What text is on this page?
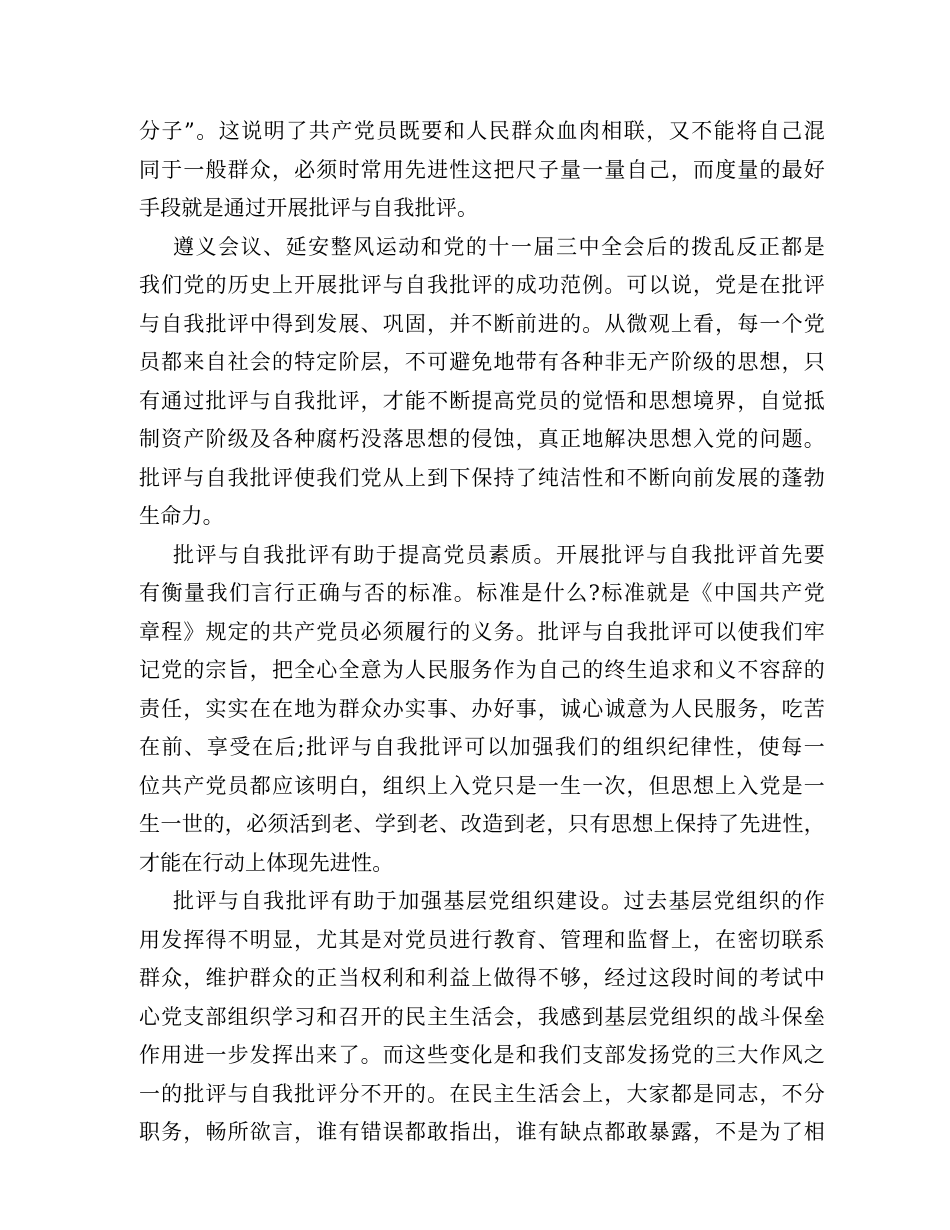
分子”。这说明了共产党员既要和人民群众血肉相联，又不能将自己混
同于一般群众，必须时常用先进性这把尺子量一量自己，而度量的最好
手段就是通过开展批评与自我批评。
遵义会议、延安整风运动和党的十一届三中全会后的拨乱反正都是
我们党的历史上开展批评与自我批评的成功范例。可以说，党是在批评
与自我批评中得到发展、巩固，并不断前进的。从微观上看，每一个党
员都来自社会的特定阶层，不可避免地带有各种非无产阶级的思想，只
有通过批评与自我批评，才能不断提高党员的觉悟和思想境界，自觉抵
制资产阶级及各种腐朽没落思想的侵蚀，真正地解决思想入党的问题。
批评与自我批评使我们党从上到下保持了纯洁性和不断向前发展的蓬勃
生命力。
批评与自我批评有助于提高党员素质。开展批评与自我批评首先要
有衡量我们言行正确与否的标准。标准是什么?标准就是《中国共产党
章程》规定的共产党员必须履行的义务。批评与自我批评可以使我们牢
记党的宗旨，把全心全意为人民服务作为自己的终生追求和义不容辞的
责任，实实在在地为群众办实事、办好事，诚心诚意为人民服务，吃苦
在前、享受在后;批评与自我批评可以加强我们的组织纪律性，使每一
位共产党员都应该明白，组织上入党只是一生一次，但思想上入党是一
生一世的，必须活到老、学到老、改造到老，只有思想上保持了先进性，
才能在行动上体现先进性。
批评与自我批评有助于加强基层党组织建设。过去基层党组织的作
用发挥得不明显，尤其是对党员进行教育、管理和监督上，在密切联系
群众，维护群众的正当权利和利益上做得不够，经过这段时间的考试中
心党支部组织学习和召开的民主生活会，我感到基层党组织的战斗保垒
作用进一步发挥出来了。而这些变化是和我们支部发扬党的三大作风之
一的批评与自我批评分不开的。在民主生活会上，大家都是同志，不分
职务，畅所欲言，谁有错误都敢指出，谁有缺点都敢暴露，不是为了相
